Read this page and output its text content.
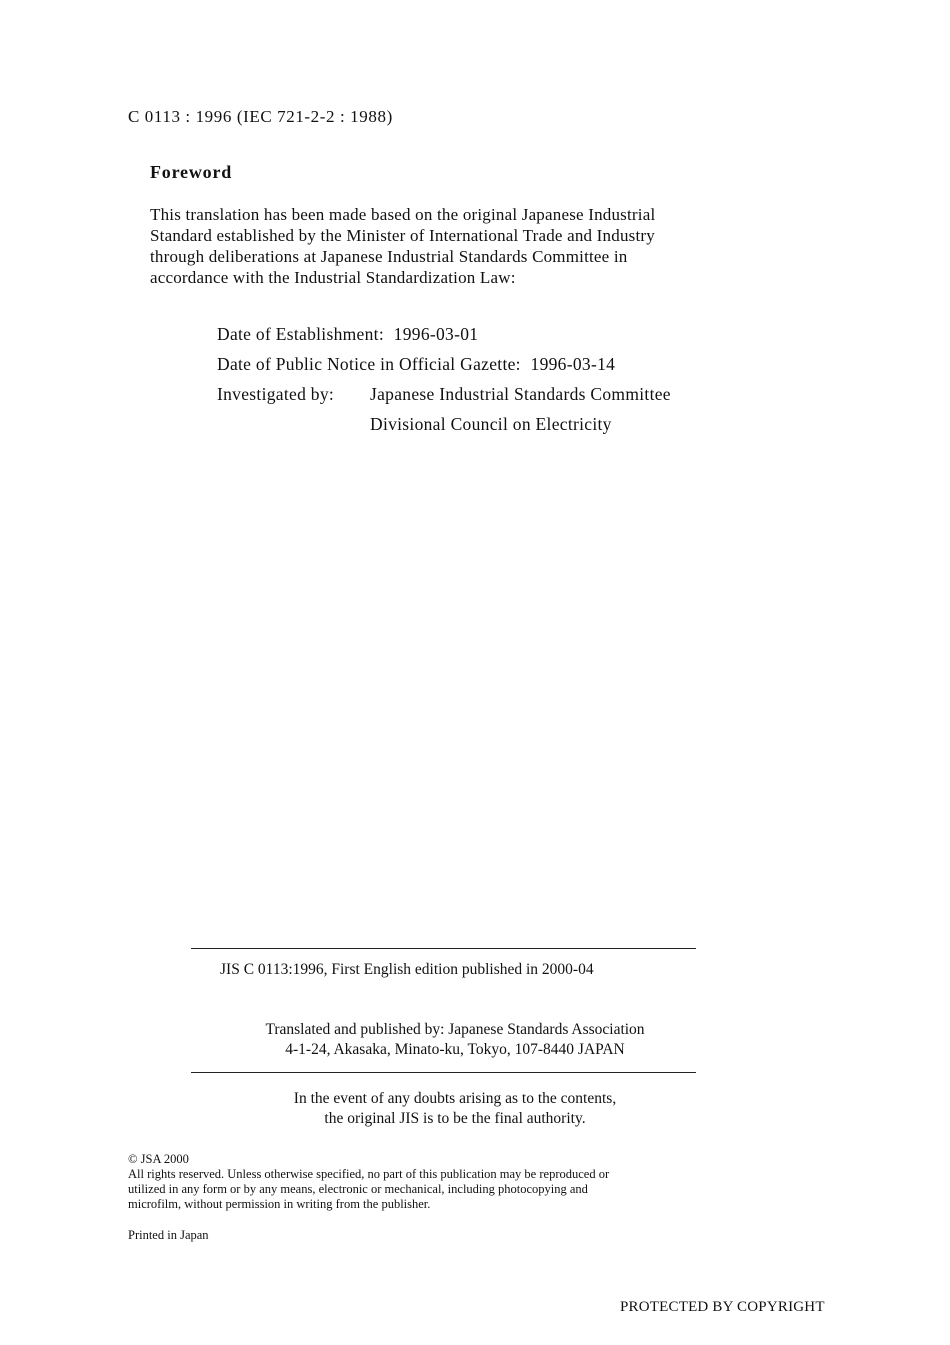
C 0113 : 1996 (IEC 721-2-2 : 1988)
Foreword
This translation has been made based on the original Japanese Industrial
Standard established by the Minister of International Trade and Industry
through deliberations at Japanese Industrial Standards Committee in
accordance with the Industrial Standardization Law:
Date of Establishment: 1996-03-01
Date of Public Notice in Official Gazette: 1996-03-14
Investigated by: Japanese Industrial Standards Committee
Divisional Council on Electricity
JIS C 0113:1996, First English edition published in 2000-04
Translated and published by: Japanese Standards Association
4-1-24, Akasaka, Minato-ku, Tokyo, 107-8440 JAPAN
In the event of any doubts arising as to the contents,
the original JIS is to be the final authority.
© JSA 2000
All rights reserved. Unless otherwise specified, no part of this publication may be reproduced or
utilized in any form or by any means, electronic or mechanical, including photocopying and
microfilm, without permission in writing from the publisher.
Printed in Japan
PROTECTED BY COPYRIGHT
